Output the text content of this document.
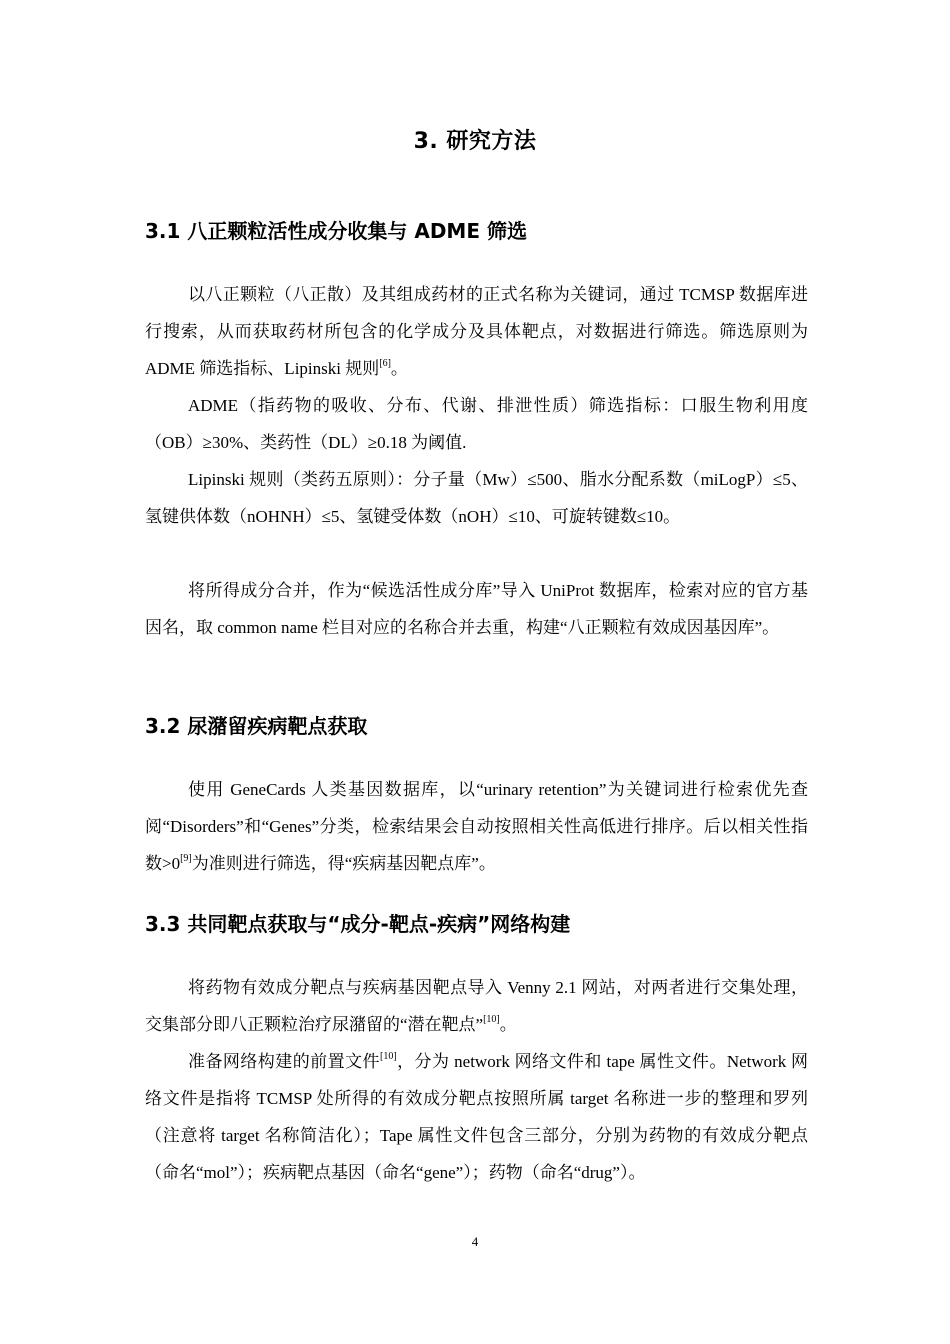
3. 研究方法
3.1 八正颗粒活性成分收集与 ADME 筛选

以八正颗粒（八正散）及其组成药材的正式名称为关键词，通过 TCMSP 数据库进行搜索，从而获取药材所包含的化学成分及具体靶点，对数据进行筛选。筛选原则为 ADME 筛选指标、Lipinski 规则[6]。

ADME（指药物的吸收、分布、代谢、排泄性质）筛选指标：口服生物利用度（OB）≥30%、类药性（DL）≥0.18 为阈值.

Lipinski 规则（类药五原则）：分子量（Mw）≤500、脂水分配系数（miLogP）≤5、氢键供体数（nOHNH）≤5、氢键受体数（nOH）≤10、可旋转键数≤10。

将所得成分合并，作为“候选活性成分库”导入 UniProt 数据库，检索对应的官方基因名，取 common name 栏目对应的名称合并去重，构建“八正颗粒有效成因基因库”。

3.2 尿潴留疾病靶点获取

使用 GeneCards 人类基因数据库，以“urinary retention”为关键词进行检索优先查阅“Disorders”和“Genes”分类，检索结果会自动按照相关性高低进行排序。后以相关性指数>0[9]为准则进行筛选，得“疾病基因靶点库”。

3.3 共同靶点获取与“成分-靶点-疾病”网络构建

将药物有效成分靶点与疾病基因靶点导入 Venny 2.1 网站，对两者进行交集处理，交集部分即八正颗粒治疗尿潴留的“潜在靶点”[10]。

准备网络构建的前置文件[10]，分为 network 网络文件和 tape 属性文件。Network 网络文件是指将 TCMSP 处所得的有效成分靶点按照所属 target 名称进一步的整理和罗列（注意将 target 名称简洁化）；Tape 属性文件包含三部分，分别为药物的有效成分靶点（命名“mol”）；疾病靶点基因（命名“gene”）；药物（命名“drug”）。

4
